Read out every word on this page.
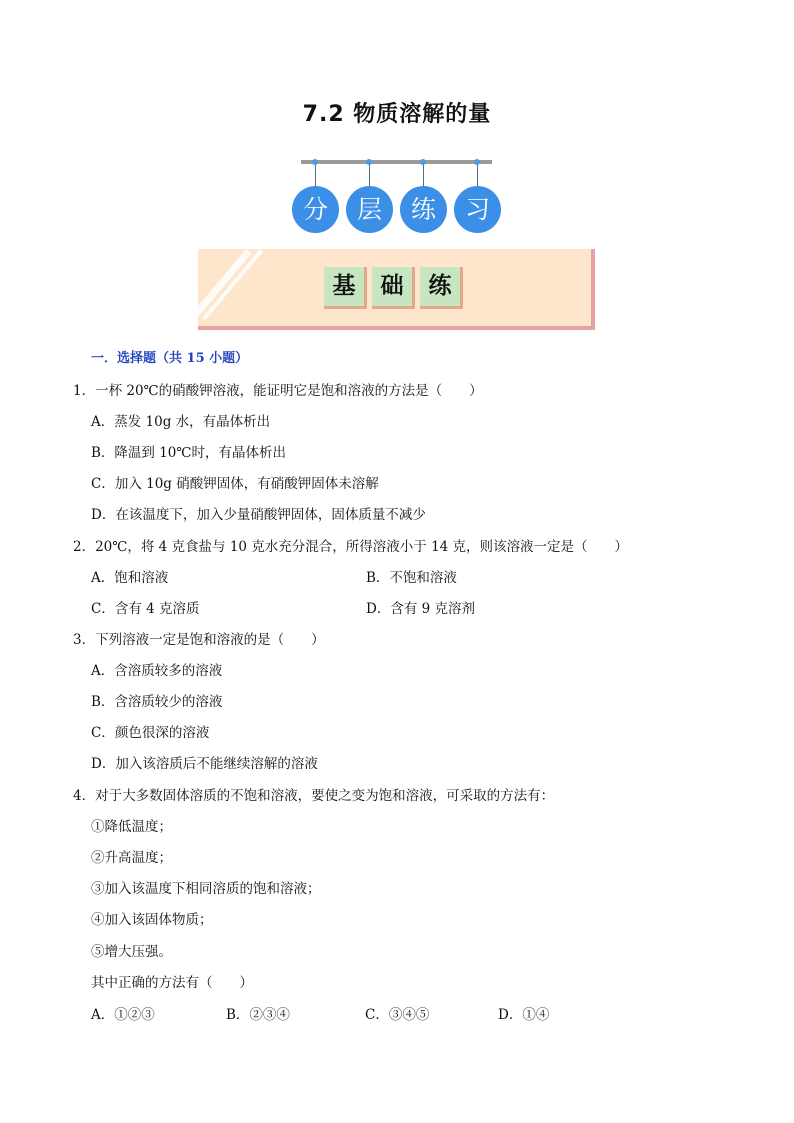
7.2 物质溶解的量
分	层	练	习
基	础	练
一．选择题（共 15 小题）
1．一杯 20℃的硝酸钾溶液，能证明它是饱和溶液的方法是（　　）
A．蒸发 10g 水，有晶体析出
B．降温到 10℃时，有晶体析出
C．加入 10g 硝酸钾固体，有硝酸钾固体未溶解
D．在该温度下，加入少量硝酸钾固体，固体质量不减少
2．20℃，将 4 克食盐与 10 克水充分混合，所得溶液小于 14 克，则该溶液一定是（　　）
A．饱和溶液	B．不饱和溶液
C．含有 4 克溶质	D．含有 9 克溶剂
3．下列溶液一定是饱和溶液的是（　　）
A．含溶质较多的溶液
B．含溶质较少的溶液
C．颜色很深的溶液
D．加入该溶质后不能继续溶解的溶液
4．对于大多数固体溶质的不饱和溶液，要使之变为饱和溶液，可采取的方法有：
①降低温度；
②升高温度；
③加入该温度下相同溶质的饱和溶液；
④加入该固体物质；
⑤增大压强。
其中正确的方法有（　　）
A．①②③	B．②③④	C．③④⑤	D．①④
